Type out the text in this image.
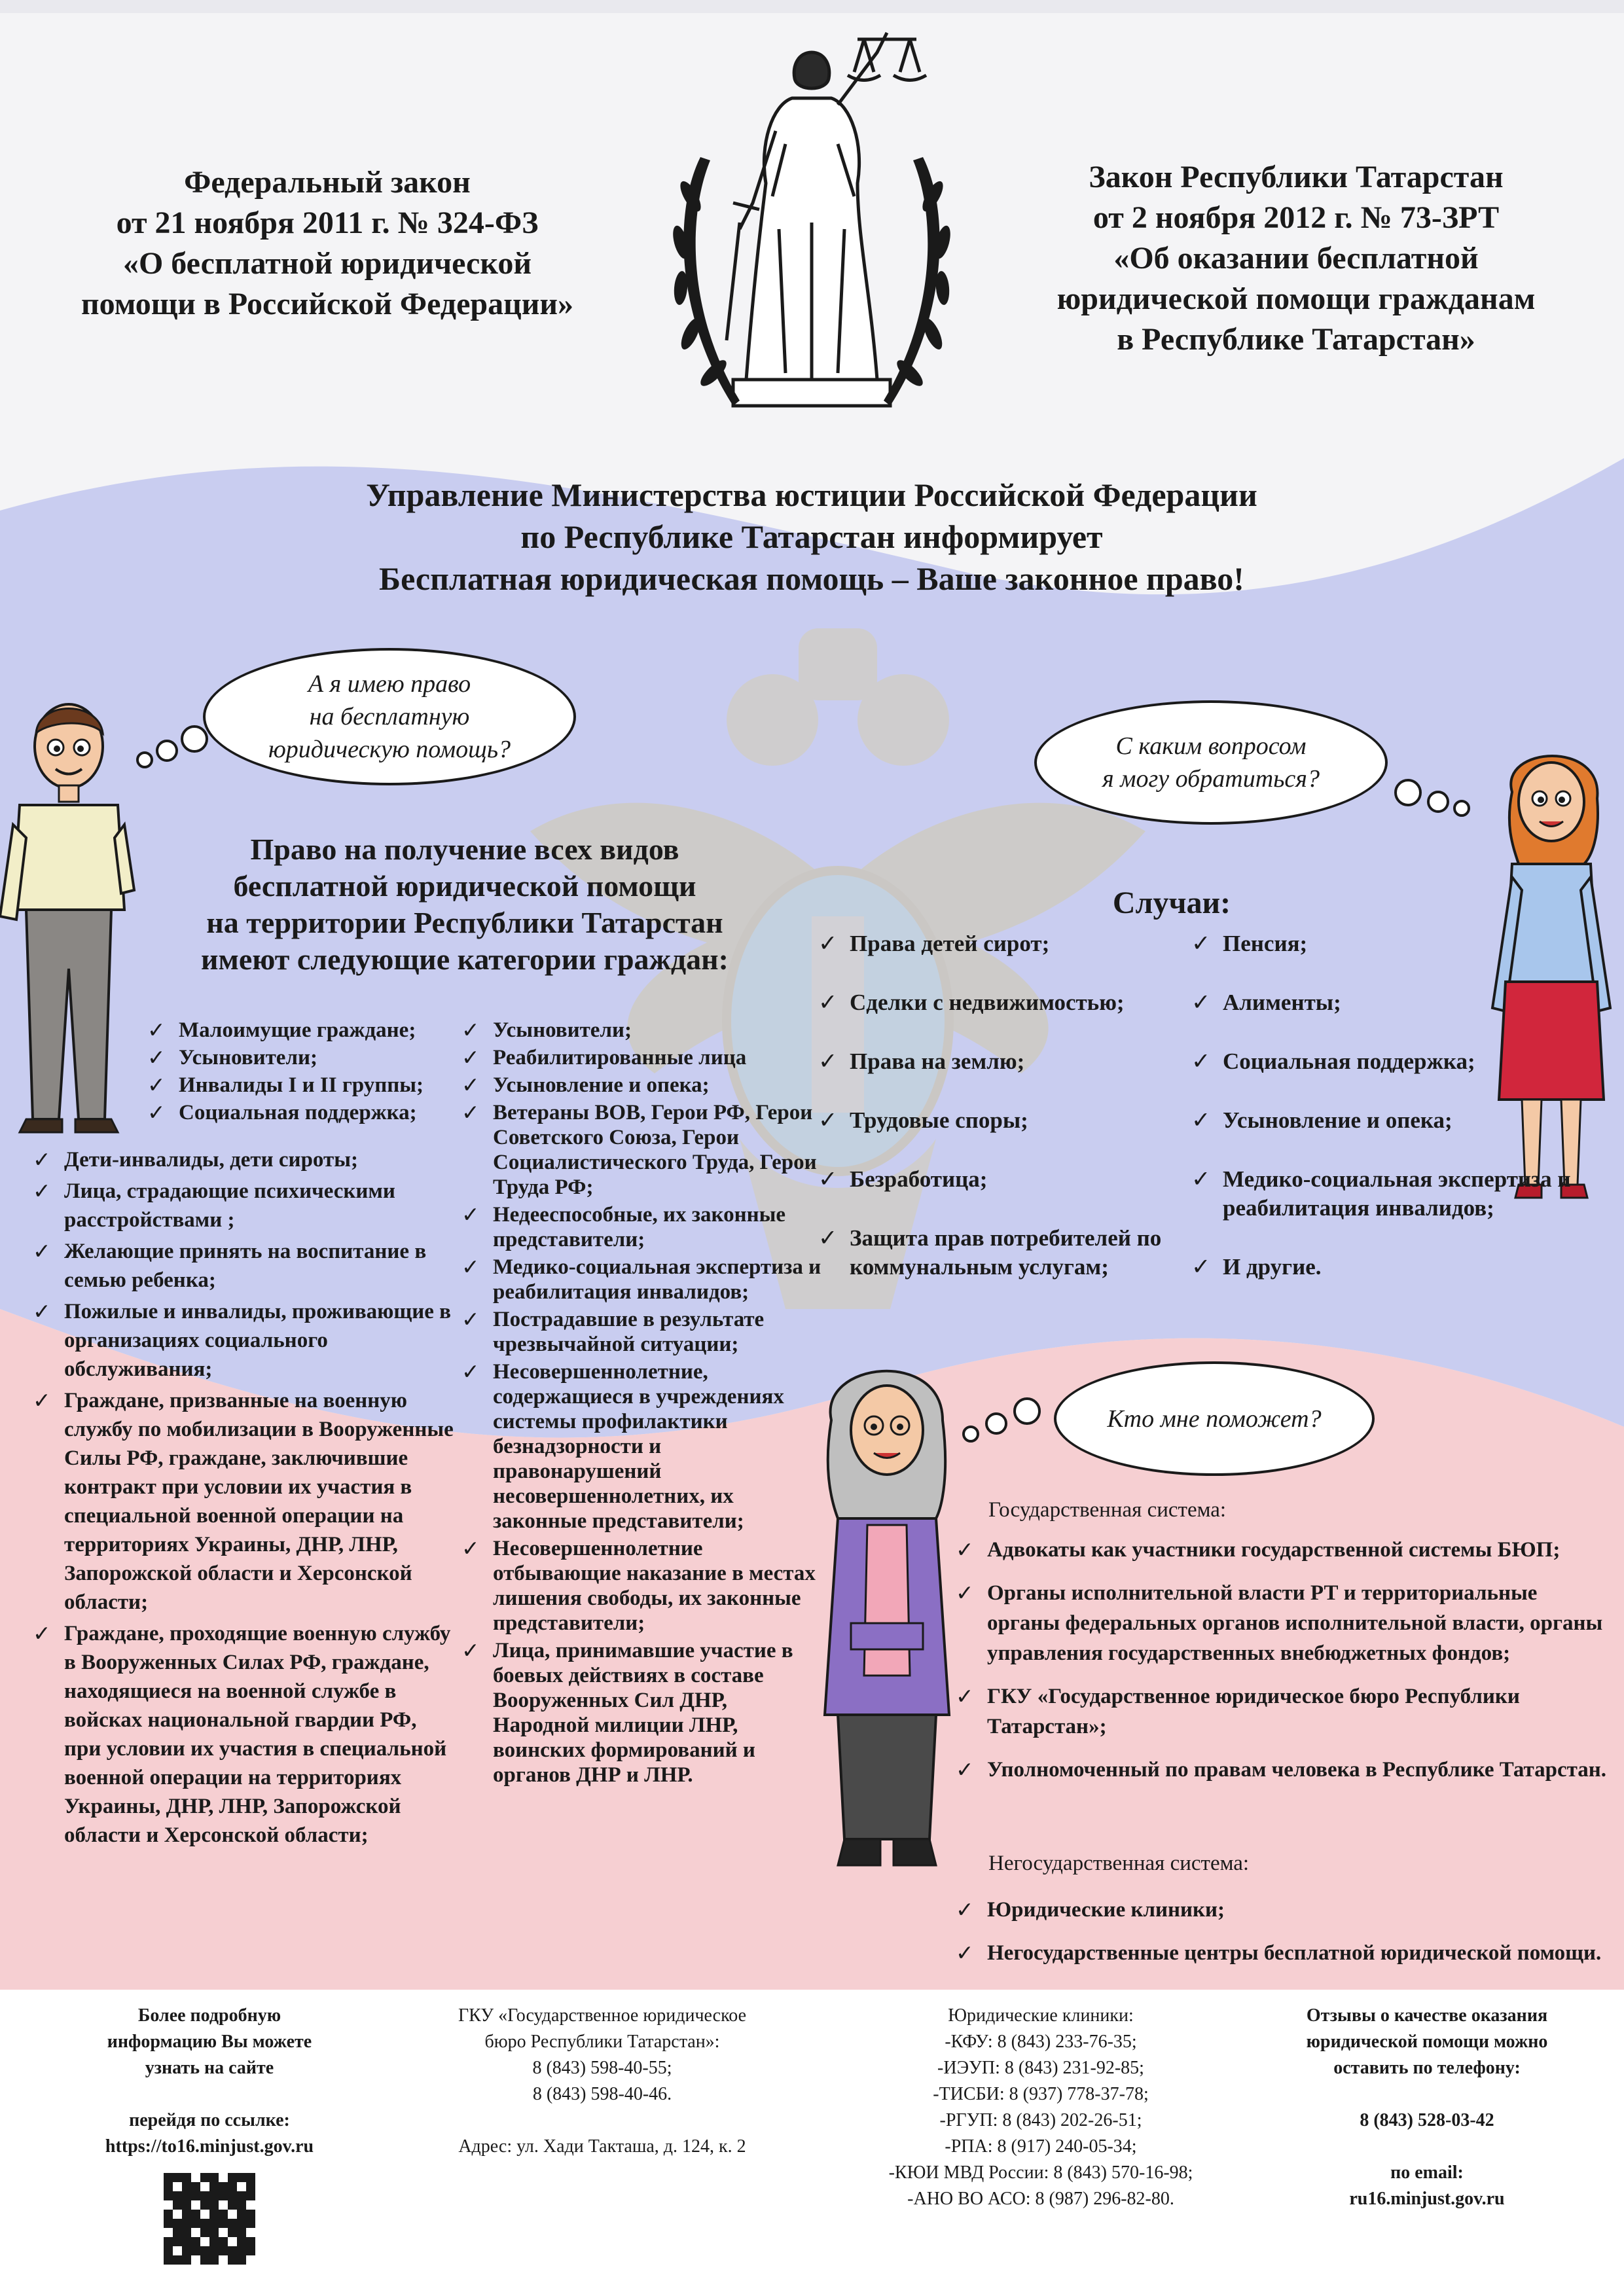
Федеральный закон
от 21 ноября 2011 г. № 324-ФЗ
«О бесплатной юридической
помощи в Российской Федерации»
Закон Республики Татарстан
от 2 ноября 2012 г. № 73-ЗРТ
«Об оказании бесплатной
юридической помощи гражданам
в Республике Татарстан»
Управление Министерства юстиции Российской Федерации
по Республике Татарстан информирует
Бесплатная юридическая помощь – Ваше законное право!
А я имею право
на бесплатную
юридическую помощь?	С каким вопросом
я могу обратиться?
Кто мне поможет?
Право на получение всех видов
бесплатной юридической помощи
на территории Республики Татарстан
имеют следующие категории граждан:
✓ Малоимущие граждане;
✓ Усыновители;
✓ Инвалиды I и II группы;
✓ Социальная поддержка;
✓ Дети-инвалиды, дети сироты;
✓ Лица, страдающие психическими расстройствами ;
✓ Желающие принять на воспитание в семью ребенка;
✓ Пожилые и инвалиды, проживающие в организациях социального обслуживания;
✓ Граждане, призванные на военную службу по мобилизации в Вооруженные Силы РФ, граждане, заключившие контракт при условии их участия в специальной военной операции на территориях Украины, ДНР, ЛНР, Запорожской области и Херсонской области;
✓ Граждане, проходящие военную службу в Вооруженных Силах РФ, граждане, находящиеся на военной службе в войсках национальной гвардии РФ, при условии их участия в специальной военной операции на территориях Украины, ДНР, ЛНР, Запорожской области и Херсонской области;
✓ Усыновители;
✓ Реабилитированные лица
✓ Усыновление и опека;
✓ Ветераны ВОВ, Герои РФ, Герои Советского Союза, Герои Социалистического Труда, Герои Труда РФ;
✓ Недееспособные, их законные представители;
✓ Медико-социальная экспертиза и реабилитация инвалидов;
✓ Пострадавшие в результате чрезвычайной ситуации;
✓ Несовершеннолетние, содержащиеся в учреждениях системы профилактики безнадзорности и правонарушений несовершеннолетних, их законные представители;
✓ Несовершеннолетние отбывающие наказание в местах лишения свободы, их законные представители;
✓ Лица, принимавшие участие в боевых действиях в составе Вооруженных Сил ДНР, Народной милиции ЛНР, воинских формирований и органов ДНР и ЛНР.
Случаи:
✓ Права детей сирот;
✓ Сделки с недвижимостью;
✓ Права на землю;
✓ Трудовые споры;
✓ Безработица;
✓ Защита прав потребителей по коммунальным услугам;
✓ Пенсия;
✓ Алименты;
✓ Социальная поддержка;
✓ Усыновление и опека;
✓ Медико-социальная экспертиза и реабилитация инвалидов;
✓ И другие.
Государственная система:
✓ Адвокаты как участники государственной системы БЮП;
✓ Органы исполнительной власти РТ и территориальные органы федеральных органов исполнительной власти, органы управления государственных внебюджетных фондов;
✓ ГКУ «Государственное юридическое бюро Республики Татарстан»;
✓ Уполномоченный по правам человека в Республике Татарстан.
Негосударственная система:
✓ Юридические клиники;
✓ Негосударственные центры бесплатной юридической помощи.
Более подробную
информацию Вы можете
узнать на сайте
перейдя по ссылке:
https://to16.minjust.gov.ru
ГКУ «Государственное юридическое
бюро Республики Татарстан»:
8 (843) 598-40-55;
8 (843) 598-40-46.
Адрес: ул. Хади Такташа, д. 124, к. 2
Юридические клиники:
-КФУ: 8 (843) 233-76-35;
-ИЭУП: 8 (843) 231-92-85;
-ТИСБИ: 8 (937) 778-37-78;
-РГУП: 8 (843) 202-26-51;
-РПА: 8 (917) 240-05-34;
-КЮИ МВД России: 8 (843) 570-16-98;
-АНО ВО АСО: 8 (987) 296-82-80.
Отзывы о качестве оказания
юридической помощи можно
оставить по телефону:
8 (843) 528-03-42
по email:
ru16.minjust.gov.ru
